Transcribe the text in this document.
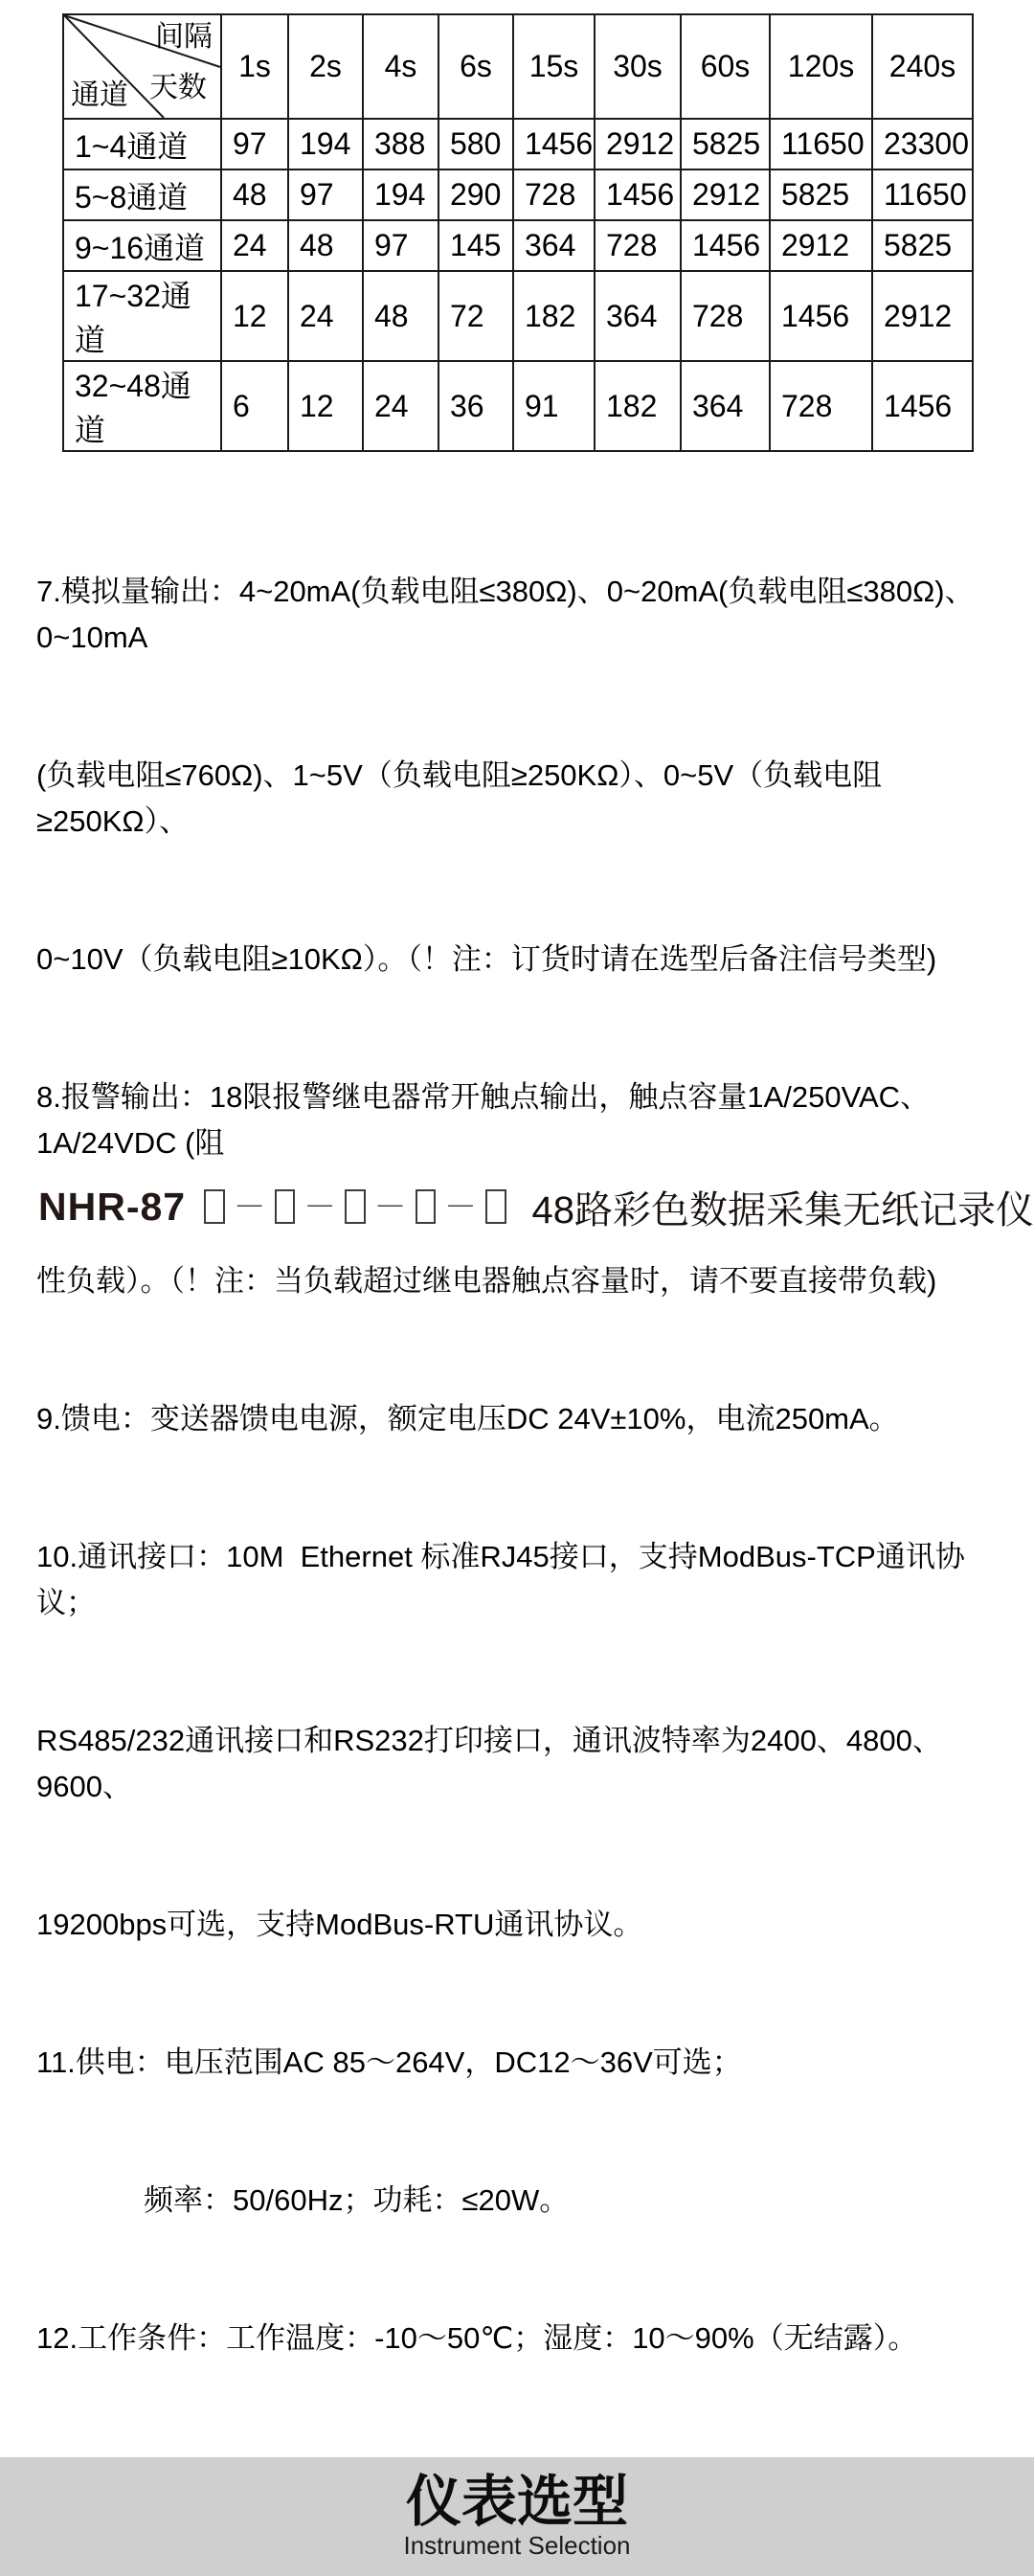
间隔
天数
通道	1s	2s	4s	6s	15s	30s	60s	120s	240s
1~4通道	97	194	388	580	1456	2912	5825	11650	23300
5~8通道	48	97	194	290	728	1456	2912	5825	11650
9~16通道	24	48	97	145	364	728	1456	2912	5825
17~32通道	12	24	48	72	182	364	728	1456	2912
32~48通道	6	12	24	36	91	182	364	728	1456

7.模拟量输出：4~20mA(负载电阻≤380Ω)、0~20mA(负载电阻≤380Ω)、0~10mA

(负载电阻≤760Ω)、1~5V（负载电阻≥250KΩ）、0~5V（负载电阻≥250KΩ）、

0~10V（负载电阻≥10KΩ）。（！注：订货时请在选型后备注信号类型)

8.报警输出：18限报警继电器常开触点输出，触点容量1A/250VAC、1A/24VDC (阻

性负载）。（！注：当负载超过继电器触点容量时，请不要直接带负载)

9.馈电：变送器馈电电源，额定电压DC 24V±10%，电流250mA。

10.通讯接口：10M  Ethernet 标准RJ45接口，支持ModBus-TCP通讯协议；

RS485/232通讯接口和RS232打印接口，通讯波特率为2400、4800、9600、

19200bps可选，支持ModBus-RTU通讯协议。

11.供电：电压范围AC 85～264V，DC12～36V可选；

频率：50/60Hz；功耗：≤20W。

12.工作条件：工作温度：-10～50℃；湿度：10～90%（无结露）。

仪表选型
Instrument Selection
NHR-87 － － － － 48路彩色数据采集无纸记录仪
